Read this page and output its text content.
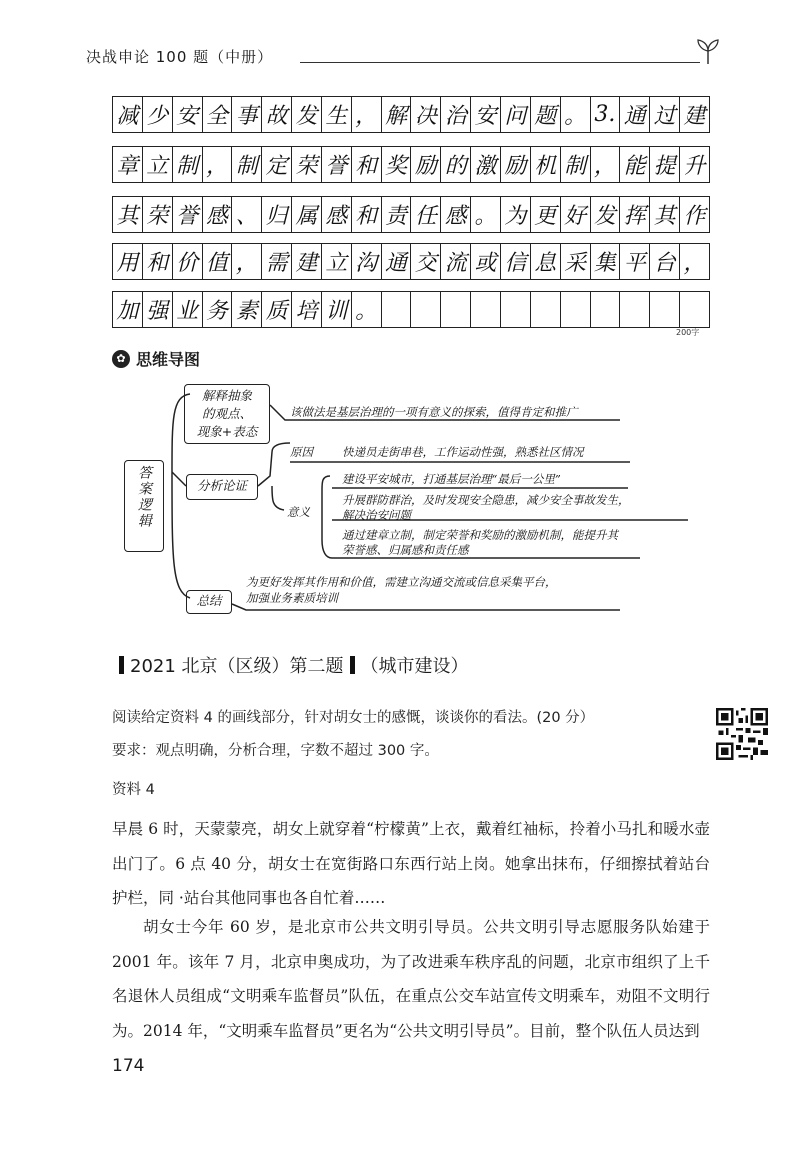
决战申论 100 题（中册）
减 少 安 全 事 故 发 生 ， 解 决 治 安 问 题 。 3. 通 过 建
章 立 制 ， 制 定 荣 誉 和 奖 励 的 激 励 机 制 ， 能 提 升
其 荣 誉 感 、 归 属 感 和 责 任 感 。 为 更 好 发 挥 其 作
用 和 价 值 ， 需 建 立 沟 通 交 流 或 信 息 采 集 平 台 ，
加 强 业 务 素 质 培 训 。
200字
✿ 思维导图
答案逻辑
解释抽象
的观点、
现象+表态
分析论证
总结
该做法是基层治理的一项有意义的探索，值得肯定和推广
原因	快递员走街串巷，工作运动性强，熟悉社区情况
意义
建设平安城市，打通基层治理“最后一公里”
升展群防群治，及时发现安全隐患，减少安全事故发生，
解决治安问题
通过建章立制，制定荣誉和奖励的激励机制，能提升其
荣誉感、归属感和责任感
为更好发挥其作用和价值，需建立沟通交流或信息采集平台，
加强业务素质培训
2021 北京（区级）第二题 （城市建设）
阅读给定资料 4 的画线部分，针对胡女士的感慨，谈谈你的看法。(20 分）
要求：观点明确，分析合理，字数不超过 300 字。
资料 4
早晨 6 时，天蒙蒙亮，胡女上就穿着“柠檬黄”上衣，戴着红袖标，拎着小马扎和暖水壶出门了。6 点 40 分，胡女士在宽街路口东西行站上岗。她拿出抹布，仔细擦拭着站台护栏，同 ·站台其他同事也各自忙着……
胡女士今年 60 岁，是北京市公共文明引导员。公共文明引导志愿服务队始建于 2001 年。该年 7 月，北京申奥成功，为了改进乘车秩序乱的问题，北京市组织了上千名退休人员组成“文明乘车监督员”队伍，在重点公交车站宣传文明乘车，劝阻不文明行为。2014 年，“文明乘车监督员”更名为“公共文明引导员”。目前，整个队伍人员达到
174
